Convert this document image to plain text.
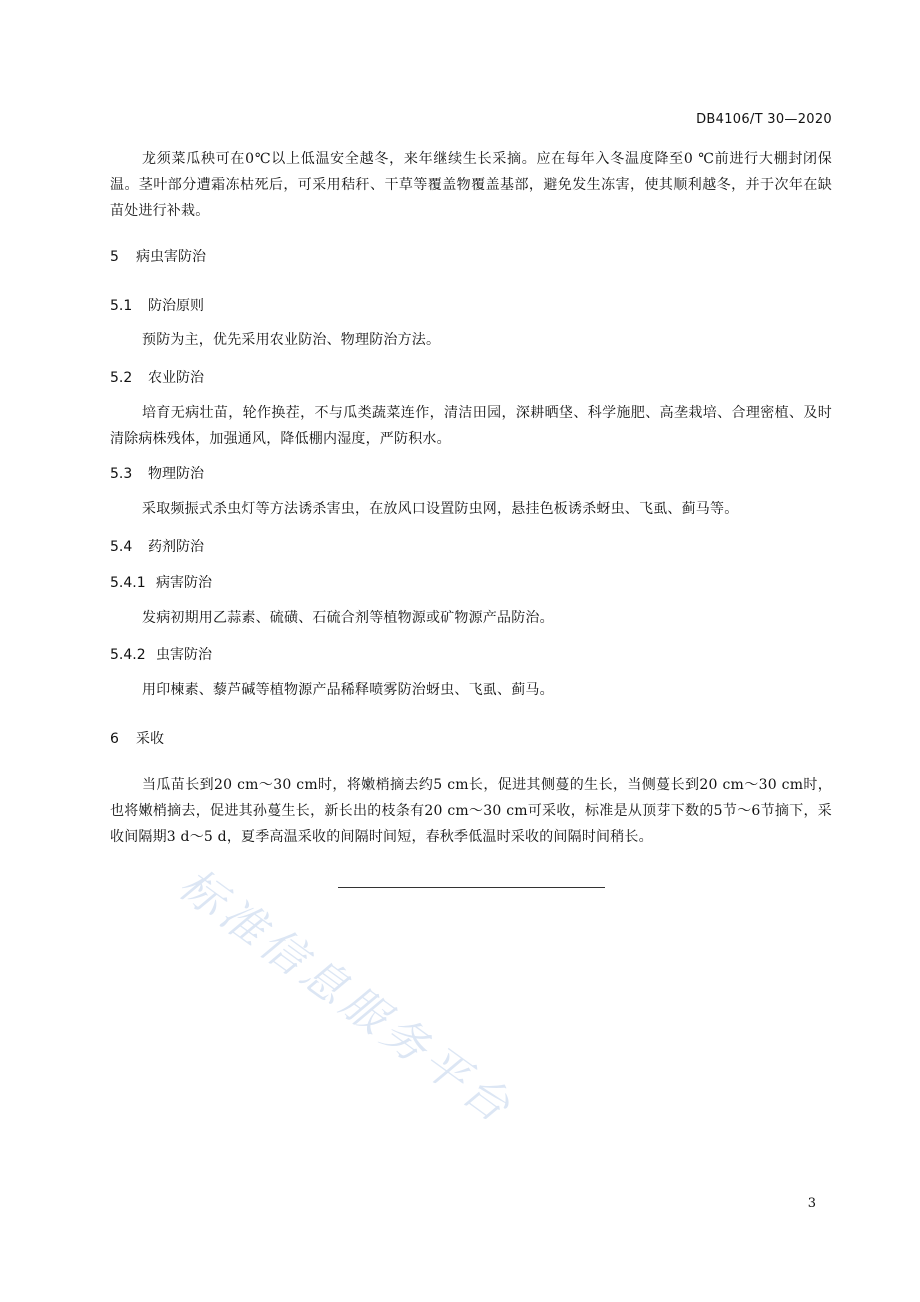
DB4106/T 30—2020

龙须菜瓜秧可在0℃以上低温安全越冬，来年继续生长采摘。应在每年入冬温度降至0 ℃前进行大棚封闭保温。茎叶部分遭霜冻枯死后，可采用秸秆、干草等覆盖物覆盖基部，避免发生冻害，使其顺利越冬，并于次年在缺苗处进行补栽。

5 病虫害防治
5.1 防治原则

预防为主，优先采用农业防治、物理防治方法。

5.2 农业防治

培育无病壮苗，轮作换茬，不与瓜类蔬菜连作，清洁田园，深耕晒垡、科学施肥、高垄栽培、合理密植、及时清除病株残体，加强通风，降低棚内湿度，严防积水。

5.3 物理防治

采取频振式杀虫灯等方法诱杀害虫，在放风口设置防虫网，悬挂色板诱杀蚜虫、飞虱、蓟马等。

5.4 药剂防治
5.4.1 病害防治

发病初期用乙蒜素、硫磺、石硫合剂等植物源或矿物源产品防治。

5.4.2 虫害防治

用印楝素、藜芦碱等植物源产品稀释喷雾防治蚜虫、飞虱、蓟马。

6 采收

当瓜苗长到20 cm～30 cm时，将嫩梢摘去约5 cm长，促进其侧蔓的生长，当侧蔓长到20 cm～30 cm时，也将嫩梢摘去，促进其孙蔓生长，新长出的枝条有20 cm～30 cm可采收，标准是从顶芽下数的5节～6节摘下，采收间隔期3 d～5 d，夏季高温采收的间隔时间短，春秋季低温时采收的间隔时间稍长。

标准信息服务平台
3
